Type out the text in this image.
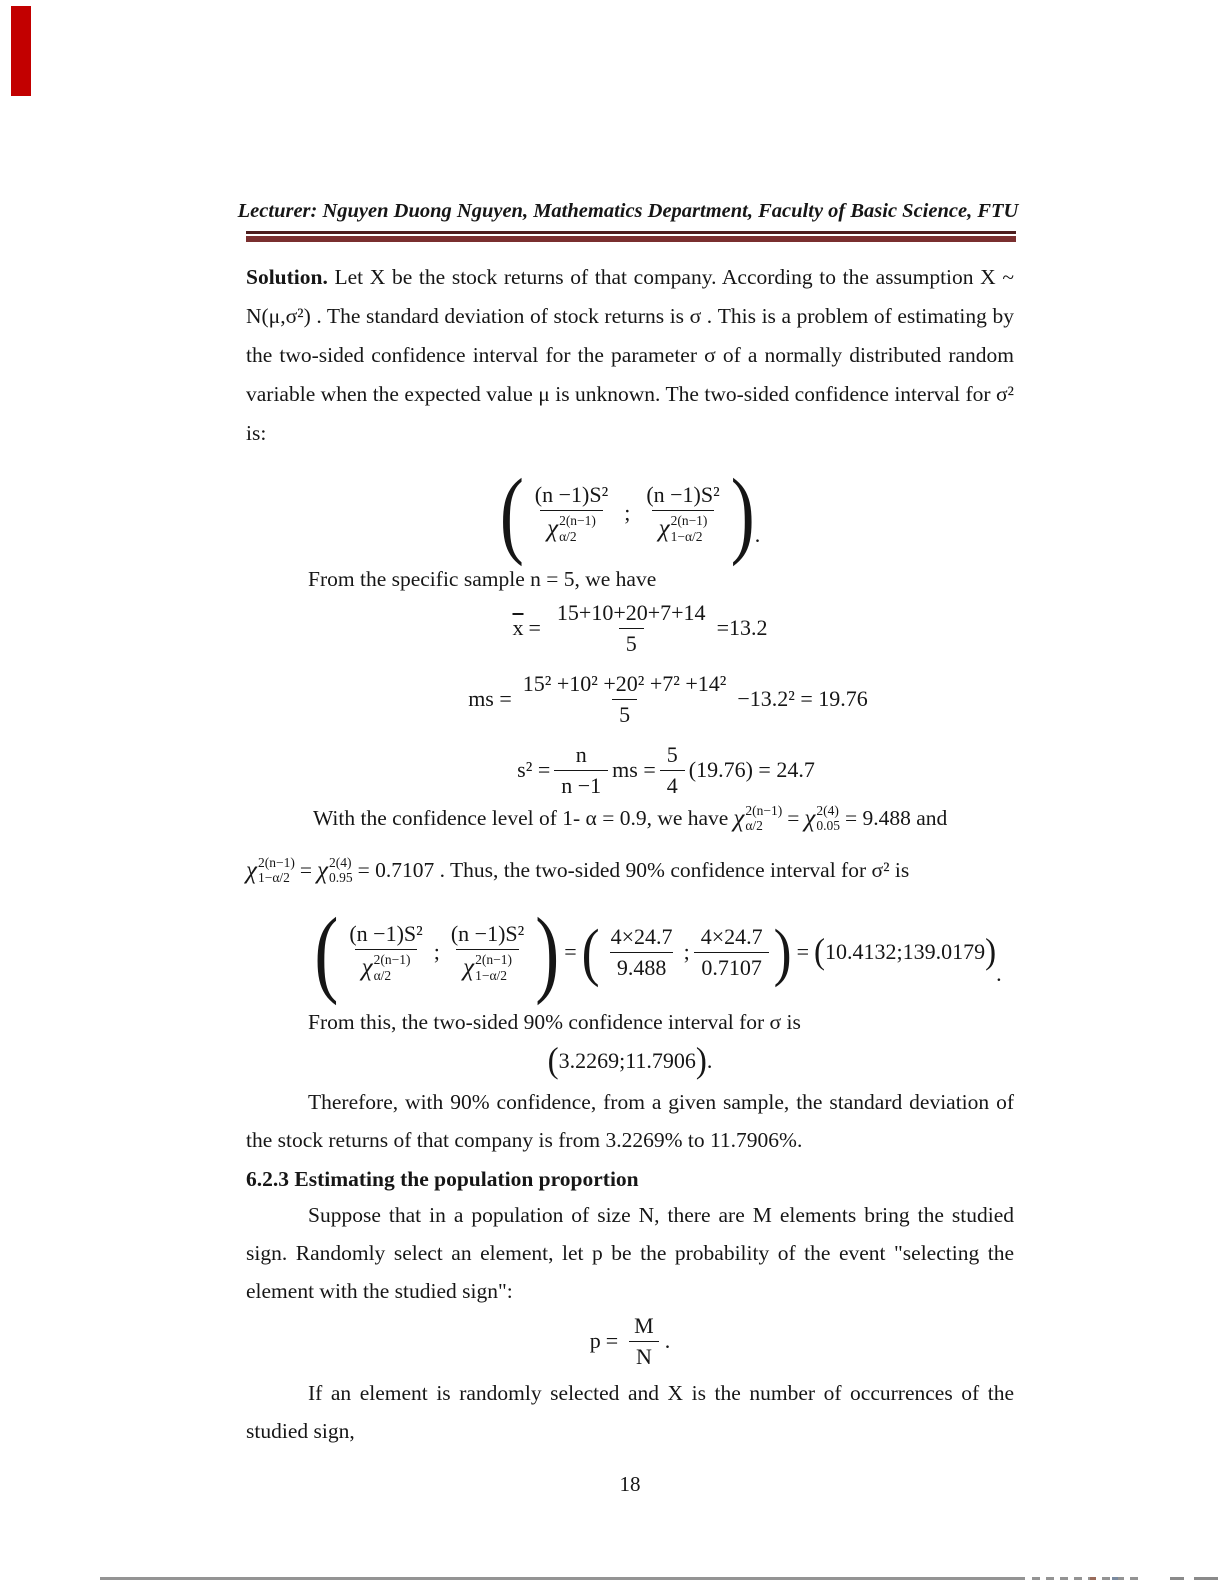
Lecturer: Nguyen Duong Nguyen, Mathematics Department, Faculty of Basic Science, FTU

Solution. Let X be the stock returns of that company. According to the assumption X ~ N(μ,σ²) . The standard deviation of stock returns is σ . This is a problem of estimating by the two-sided confidence interval for the parameter σ of a normally distributed random variable when the expected value μ is unknown. The two-sided confidence interval for σ² is:

( (n −1)S²
χ 2(n−1)
α/2 ; (n −1)S²
χ 2(n−1)
1−α/2 ) .

From the specific sample n = 5, we have

$\overline{x} = \frac{15+10+20+7+14}{5} =13.2$
ms = $\frac{\text{15² +10² +20² +7² +14²}}{5} -13.2^2 = 19.76$
$s^2 = \frac{n}{n -1}$ ms = $\frac{5}{4} (19.76) = 24.7$
With the confidence level of 1- α = 0.9, we have χ 2(n−1)
α/2 = χ 2(4)
0.05 = 9.488 and
χ 2(n−1)
1−α/2 = χ 2(4)
0.95 = 0.7107 . Thus, the two-sided 90% confidence interval for σ² is
( (n −1)S²
χ 2(n−1)
α/2 ; (n −1)S²
χ 2(n−1)
1−α/2 ) = ( $\frac{4\times 24.7}{9.488}$ ; $\frac{4\times 24.7}{0.7107}$ ) = ( 10.4132;139.0179 )
.

From this, the two-sided 90% confidence interval for σ is

( 3.2269;11.7906 ) .

Therefore, with 90% confidence, from a given sample, the standard deviation of the stock returns of that company is from 3.2269% to 11.7906%.

6.2.3 Estimating the population proportion

Suppose that in a population of size N, there are M elements bring the studied sign. Randomly select an element, let p be the probability of the event "selecting the element with the studied sign":

$p = \frac{M}{N}$ .

If an element is randomly selected and X is the number of occurrences of the studied sign,

18
